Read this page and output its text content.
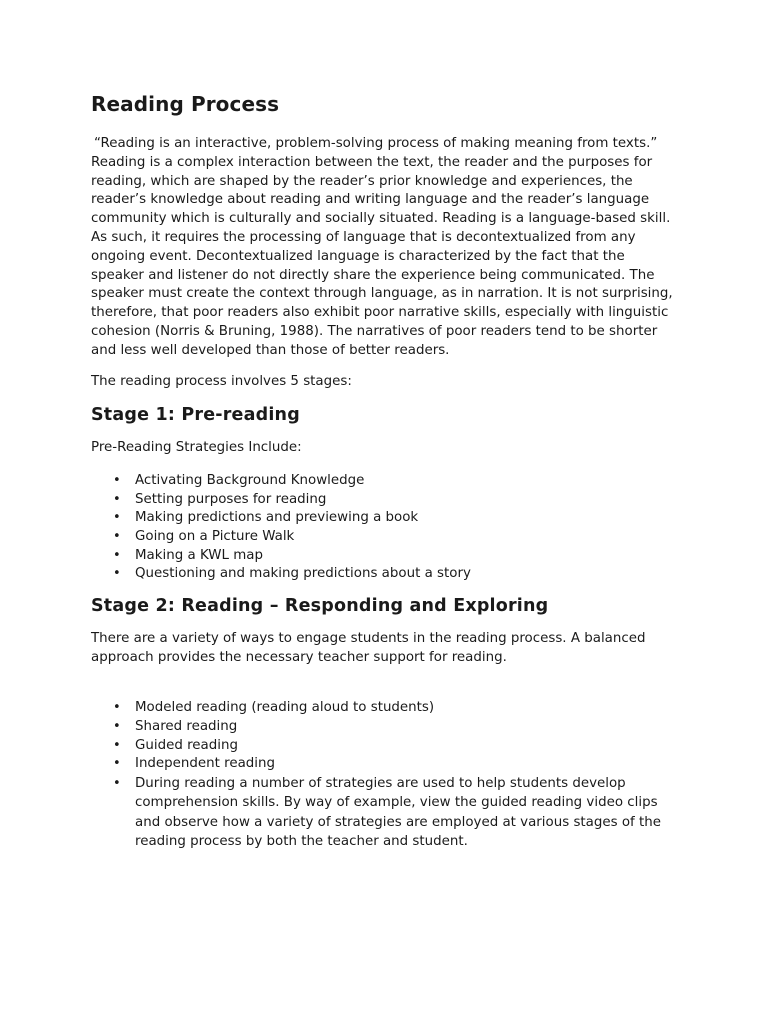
Reading Process

“Reading is an interactive, problem-solving process of making meaning from texts.” Reading is a complex interaction between the text, the reader and the purposes for reading, which are shaped by the reader’s prior knowledge and experiences, the reader’s knowledge about reading and writing language and the reader’s language community which is culturally and socially situated. Reading is a language-based skill. As such, it requires the processing of language that is decontextualized from any ongoing event. Decontextualized language is characterized by the fact that the speaker and listener do not directly share the experience being communicated. The speaker must create the context through language, as in narration. It is not surprising, therefore, that poor readers also exhibit poor narrative skills, especially with linguistic cohesion (Norris & Bruning, 1988). The narratives of poor readers tend to be shorter and less well developed than those of better readers.

The reading process involves 5 stages:

Stage 1: Pre-reading

Pre-Reading Strategies Include:

• Activating Background Knowledge
• Setting purposes for reading
• Making predictions and previewing a book
• Going on a Picture Walk
• Making a KWL map
• Questioning and making predictions about a story
Stage 2: Reading – Responding and Exploring

There are a variety of ways to engage students in the reading process. A balanced approach provides the necessary teacher support for reading.

• Modeled reading (reading aloud to students)
• Shared reading
• Guided reading
• Independent reading
• During reading a number of strategies are used to help students develop comprehension skills. By way of example, view the guided reading video clips and observe how a variety of strategies are employed at various stages of the reading process by both the teacher and student.
